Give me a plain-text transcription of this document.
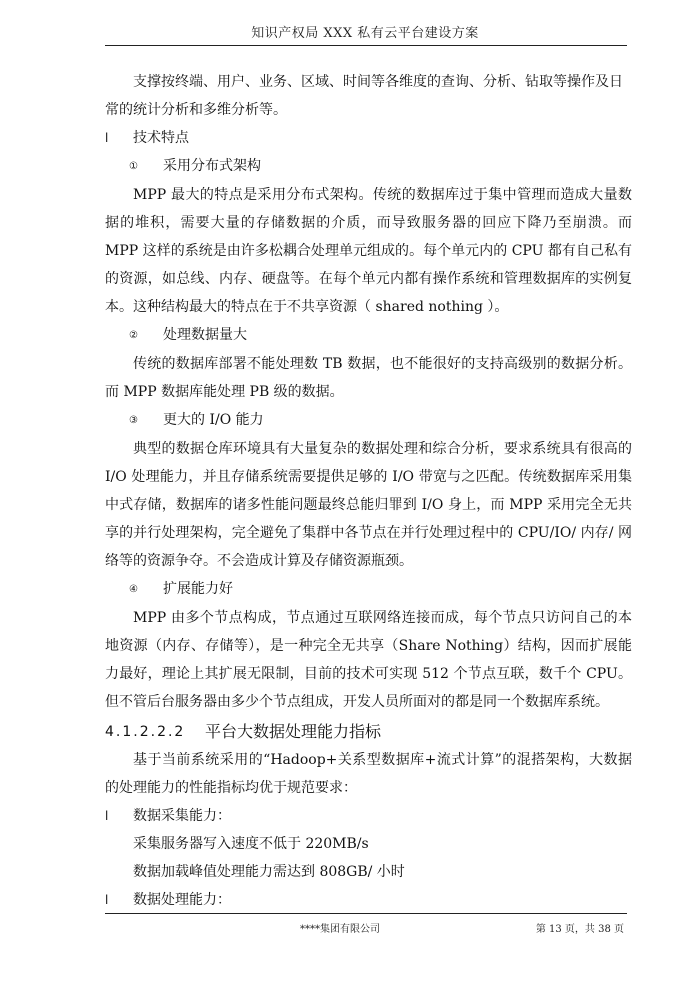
知识产权局 XXX 私有云平台建设方案

支撑按终端、用户、业务、区域、时间等各维度的查询、分析、钻取等操作及日
常的统计分析和多维分析等。

l	技术特点
①	采用分布式架构

MPP 最大的特点是采用分布式架构。传统的数据库过于集中管理而造成大量数据的堆积，需要大量的存储数据的介质，而导致服务器的回应下降乃至崩溃。而 MPP 这样的系统是由许多松耦合处理单元组成的。每个单元内的 CPU 都有自己私有的资源，如总线、内存、硬盘等。在每个单元内都有操作系统和管理数据库的实例复本。这种结构最大的特点在于不共享资源（ shared nothing ）。

②	处理数据量大

传统的数据库部署不能处理数 TB 数据，也不能很好的支持高级别的数据分析。而 MPP 数据库能处理 PB 级的数据。

③	更大的 I/O 能力

典型的数据仓库环境具有大量复杂的数据处理和综合分析，要求系统具有很高的 I/O 处理能力，并且存储系统需要提供足够的 I/O 带宽与之匹配。传统数据库采用集中式存储，数据库的诸多性能问题最终总能归罪到 I/O 身上，而 MPP 采用完全无共享的并行处理架构，完全避免了集群中各节点在并行处理过程中的 CPU/IO/ 内存/ 网络等的资源争夺。不会造成计算及存储资源瓶颈。

④	扩展能力好

MPP 由多个节点构成，节点通过互联网络连接而成，每个节点只访问自己的本地资源（内存、存储等），是一种完全无共享（Share Nothing）结构，因而扩展能力最好，理论上其扩展无限制，目前的技术可实现 512 个节点互联，数千个 CPU。但不管后台服务器由多少个节点组成，开发人员所面对的都是同一个数据库系统。

4.1.2.2.2	平台大数据处理能力指标

基于当前系统采用的“Hadoop+关系型数据库+流式计算”的混搭架构，大数据的处理能力的性能指标均优于规范要求：

l	数据采集能力：

采集服务器写入速度不低于 220MB/s

数据加载峰值处理能力需达到 808GB/ 小时

l	数据处理能力：
****集团有限公司	第 13 页，共 38 页
